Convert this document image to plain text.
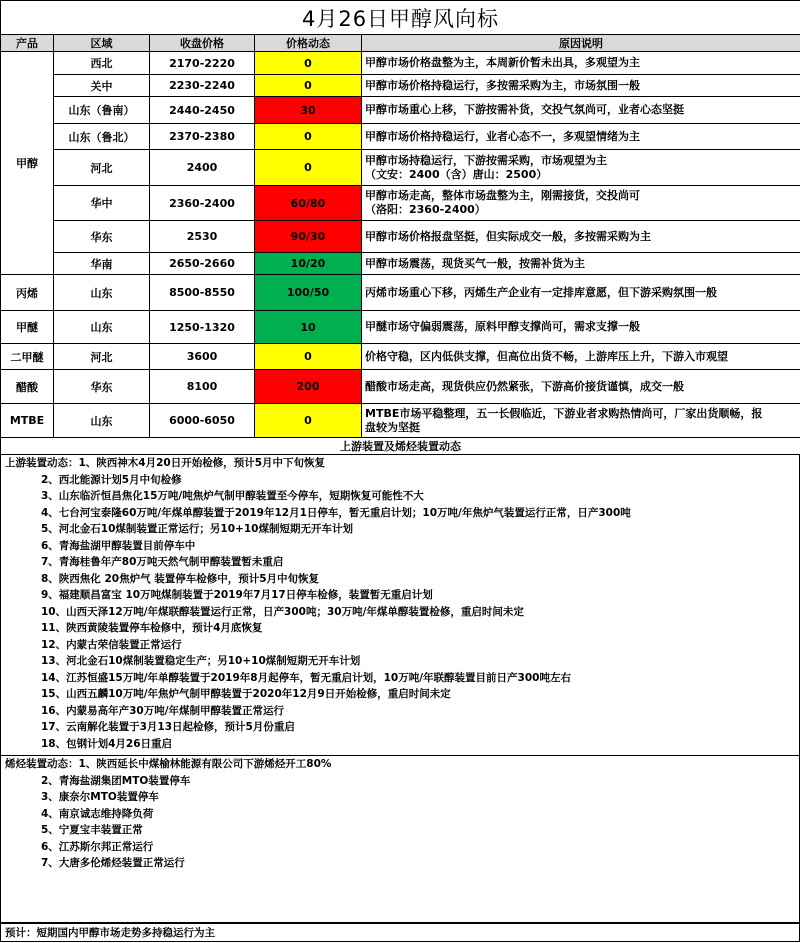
4月26日甲醇风向标				
产品	区域	收盘价格	价格动态	原因说明
甲醇	西北	2170-2220	0	甲醇市场价格盘整为主，本周新价暂未出具，多观望为主

	关中	2230-2240	0	甲醇市场价格持稳运行，多按需采购为主，市场氛围一般

	山东（鲁南）	2440-2450	30	甲醇市场重心上移，下游按需补货，交投气氛尚可，业者心态坚挺

	山东（鲁北）	2370-2380	0	甲醇市场价格持稳运行，业者心态不一，多观望情绪为主

	河北	2400	0	甲醇市场持稳运行，下游按需采购，市场观望为主
（文安：2400（含）唐山：2500）

	华中	2360-2400	60/80	甲醇市场走高，整体市场盘整为主，刚需接货，交投尚可
（洛阳：2360-2400）

	华东	2530	90/30	甲醇市场价格报盘坚挺，但实际成交一般，多按需采购为主

	华南	2650-2660	10/20	甲醇市场震荡，现货买气一般，按需补货为主

丙烯	山东	8500-8550	100/50	丙烯市场重心下移，丙烯生产企业有一定排库意愿，但下游采购氛围一般

甲醚	山东	1250-1320	10	甲醚市场守偏弱震荡，原料甲醇支撑尚可，需求支撑一般

二甲醚	河北	3600	0	价格守稳，区内低供支撑，但高位出货不畅，上游库压上升，下游入市观望

醋酸	华东	8100	200	醋酸市场走高，现货供应仍然紧张，下游高价接货谨慎，成交一般

MTBE	山东	6000-6050	0	MTBE市场平稳整理，五一长假临近，下游业者求购热情尚可，厂家出货顺畅，报
盘较为坚挺

上游装置及烯烃装置动态				
上游装置动态：1、陕西神木4月20日开始检修，预计5月中下旬恢复
2、西北能源计划5月中旬检修
3、山东临沂恒昌焦化15万吨/吨焦炉气制甲醇装置至今停车，短期恢复可能性不大
4、七台河宝泰隆60万吨/年煤单醇装置于2019年12月1日停车，暂无重启计划；10万吨/年焦炉气装置运行正常，日产300吨
5、河北金石10煤制装置正常运行；另10+10煤制短期无开车计划
6、青海盐湖甲醇装置目前停车中
7、青海桂鲁年产80万吨天然气制甲醇装置暂未重启
8、陕西焦化 20焦炉气 装置停车检修中，预计5月中旬恢复
9、福建顺昌富宝 10万吨煤制装置于2019年7月17日停车检修，装置暂无重启计划
10、山西天泽12万吨/年煤联醇装置运行正常，日产300吨；30万吨/年煤单醇装置检修，重启时间未定
11、陕西黄陵装置停车检修中，预计4月底恢复
12、内蒙古荣信装置正常运行
13、河北金石10煤制装置稳定生产；另10+10煤制短期无开车计划
14、江苏恒盛15万吨/年单醇装置于2019年8月起停车，暂无重启计划，10万吨/年联醇装置目前日产300吨左右
15、山西五麟10万吨/年焦炉气制甲醇装置于2020年12月9日开始检修，重启时间未定
16、内蒙易高年产30万吨/年煤制甲醇装置正常运行
17、云南解化装置于3月13日起检修，预计5月份重启
18、包钢计划4月26日重启
烯烃装置动态：1、陕西延长中煤榆林能源有限公司下游烯烃开工80%
2、青海盐湖集团MTO装置停车
3、康奈尔MTO装置停车
4、南京诚志维持降负荷
5、宁夏宝丰装置正常
6、江苏斯尔邦正常运行
7、大唐多伦烯烃装置正常运行
预计：短期国内甲醇市场走势多持稳运行为主
